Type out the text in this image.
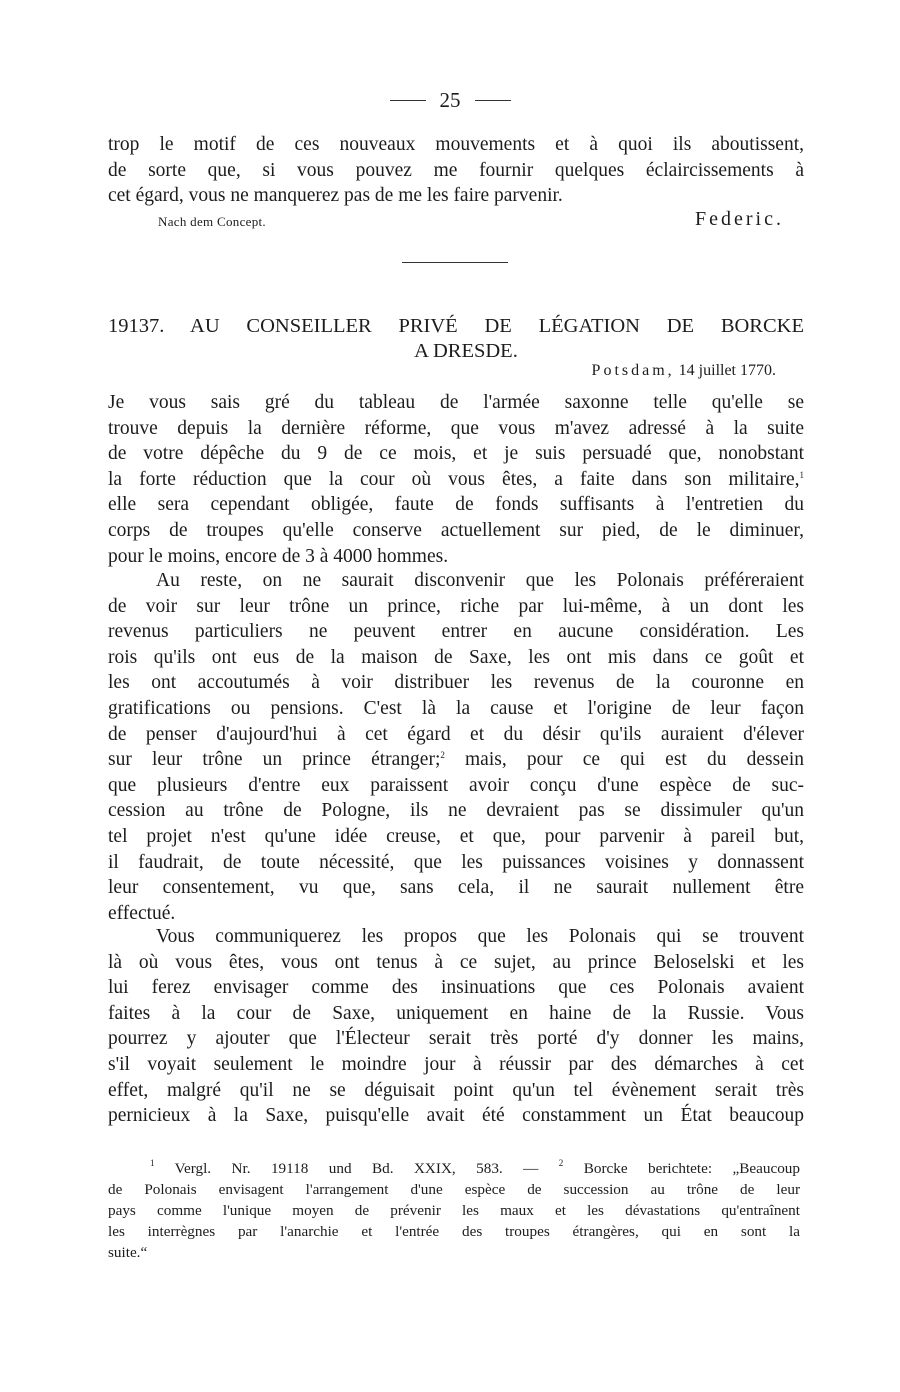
25
trop le motif de ces nouveaux mouvements et à quoi ils aboutissent,
de sorte que, si vous pouvez me fournir quelques éclaircissements à
cet égard, vous ne manquerez pas de me les faire parvenir.
Nach dem Concept.	Federic.
19137. AU CONSEILLER PRIVÉ DE LÉGATION DE BORCKE
A DRESDE.
Potsdam, 14 juillet 1770.
Je vous sais gré du tableau de l'armée saxonne telle qu'elle se
trouve depuis la dernière réforme, que vous m'avez adressé à la suite
de votre dépêche du 9 de ce mois, et je suis persuadé que, nonobstant
la forte réduction que la cour où vous êtes, a faite dans son militaire,$^1$
elle sera cependant obligée, faute de fonds suffisants à l'entretien du
corps de troupes qu'elle conserve actuellement sur pied, de le diminuer,
pour le moins, encore de 3 à 4000 hommes.
Au reste, on ne saurait disconvenir que les Polonais préféreraient
de voir sur leur trône un prince, riche par lui-même, à un dont les
revenus particuliers ne peuvent entrer en aucune considération. Les
rois qu'ils ont eus de la maison de Saxe, les ont mis dans ce goût et
les ont accoutumés à voir distribuer les revenus de la couronne en
gratifications ou pensions. C'est là la cause et l'origine de leur façon
de penser d'aujourd'hui à cet égard et du désir qu'ils auraient d'élever
sur leur trône un prince étranger;$^2$ mais, pour ce qui est du dessein
que plusieurs d'entre eux paraissent avoir conçu d'une espèce de suc-
cession au trône de Pologne, ils ne devraient pas se dissimuler qu'un
tel projet n'est qu'une idée creuse, et que, pour parvenir à pareil but,
il faudrait, de toute nécessité, que les puissances voisines y donnassent
leur consentement, vu que, sans cela, il ne saurait nullement être
effectué.
Vous communiquerez les propos que les Polonais qui se trouvent
là où vous êtes, vous ont tenus à ce sujet, au prince Beloselski et les
lui ferez envisager comme des insinuations que ces Polonais avaient
faites à la cour de Saxe, uniquement en haine de la Russie. Vous
pourrez y ajouter que l'Électeur serait très porté d'y donner les mains,
s'il voyait seulement le moindre jour à réussir par des démarches à cet
effet, malgré qu'il ne se déguisait point qu'un tel évènement serait très
pernicieux à la Saxe, puisqu'elle avait été constamment un État beaucoup
$^1$ Vergl. Nr. 19118 und Bd. XXIX, 583. — $^2$ Borcke berichtete: „Beaucoup
de Polonais envisagent l'arrangement d'une espèce de succession au trône de leur
pays comme l'unique moyen de prévenir les maux et les dévastations qu'entraînent
les interrègnes par l'anarchie et l'entrée des troupes étrangères, qui en sont la
suite.“
